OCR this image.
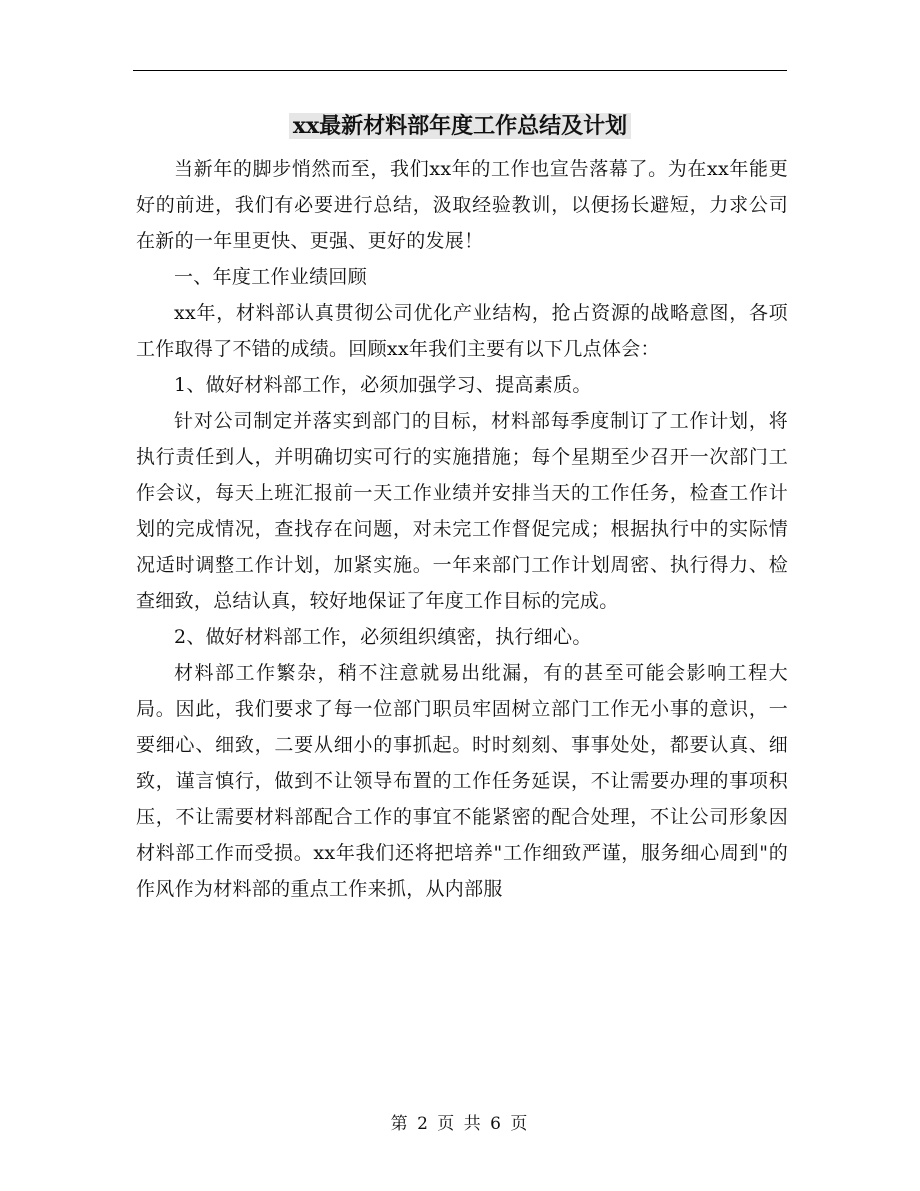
xx最新材料部年度工作总结及计划

当新年的脚步悄然而至，我们xx年的工作也宣告落幕了。为在xx年能更好的前进，我们有必要进行总结，汲取经验教训，以便扬长避短，力求公司在新的一年里更快、更强、更好的发展！

一、年度工作业绩回顾

xx年，材料部认真贯彻公司优化产业结构，抢占资源的战略意图，各项工作取得了不错的成绩。回顾xx年我们主要有以下几点体会：

1、做好材料部工作，必须加强学习、提高素质。

针对公司制定并落实到部门的目标，材料部每季度制订了工作计划，将执行责任到人，并明确切实可行的实施措施；每个星期至少召开一次部门工作会议，每天上班汇报前一天工作业绩并安排当天的工作任务，检查工作计划的完成情况，查找存在问题，对未完工作督促完成；根据执行中的实际情况适时调整工作计划，加紧实施。一年来部门工作计划周密、执行得力、检查细致，总结认真，较好地保证了年度工作目标的完成。

2、做好材料部工作，必须组织缜密，执行细心。

材料部工作繁杂，稍不注意就易出纰漏，有的甚至可能会影响工程大局。因此，我们要求了每一位部门职员牢固树立部门工作无小事的意识，一要细心、细致，二要从细小的事抓起。时时刻刻、事事处处，都要认真、细致，谨言慎行，做到不让领导布置的工作任务延误，不让需要办理的事项积压，不让需要材料部配合工作的事宜不能紧密的配合处理，不让公司形象因材料部工作而受损。xx年我们还将把培养"工作细致严谨，服务细心周到"的作风作为材料部的重点工作来抓，从内部服

第 2 页 共 6 页
